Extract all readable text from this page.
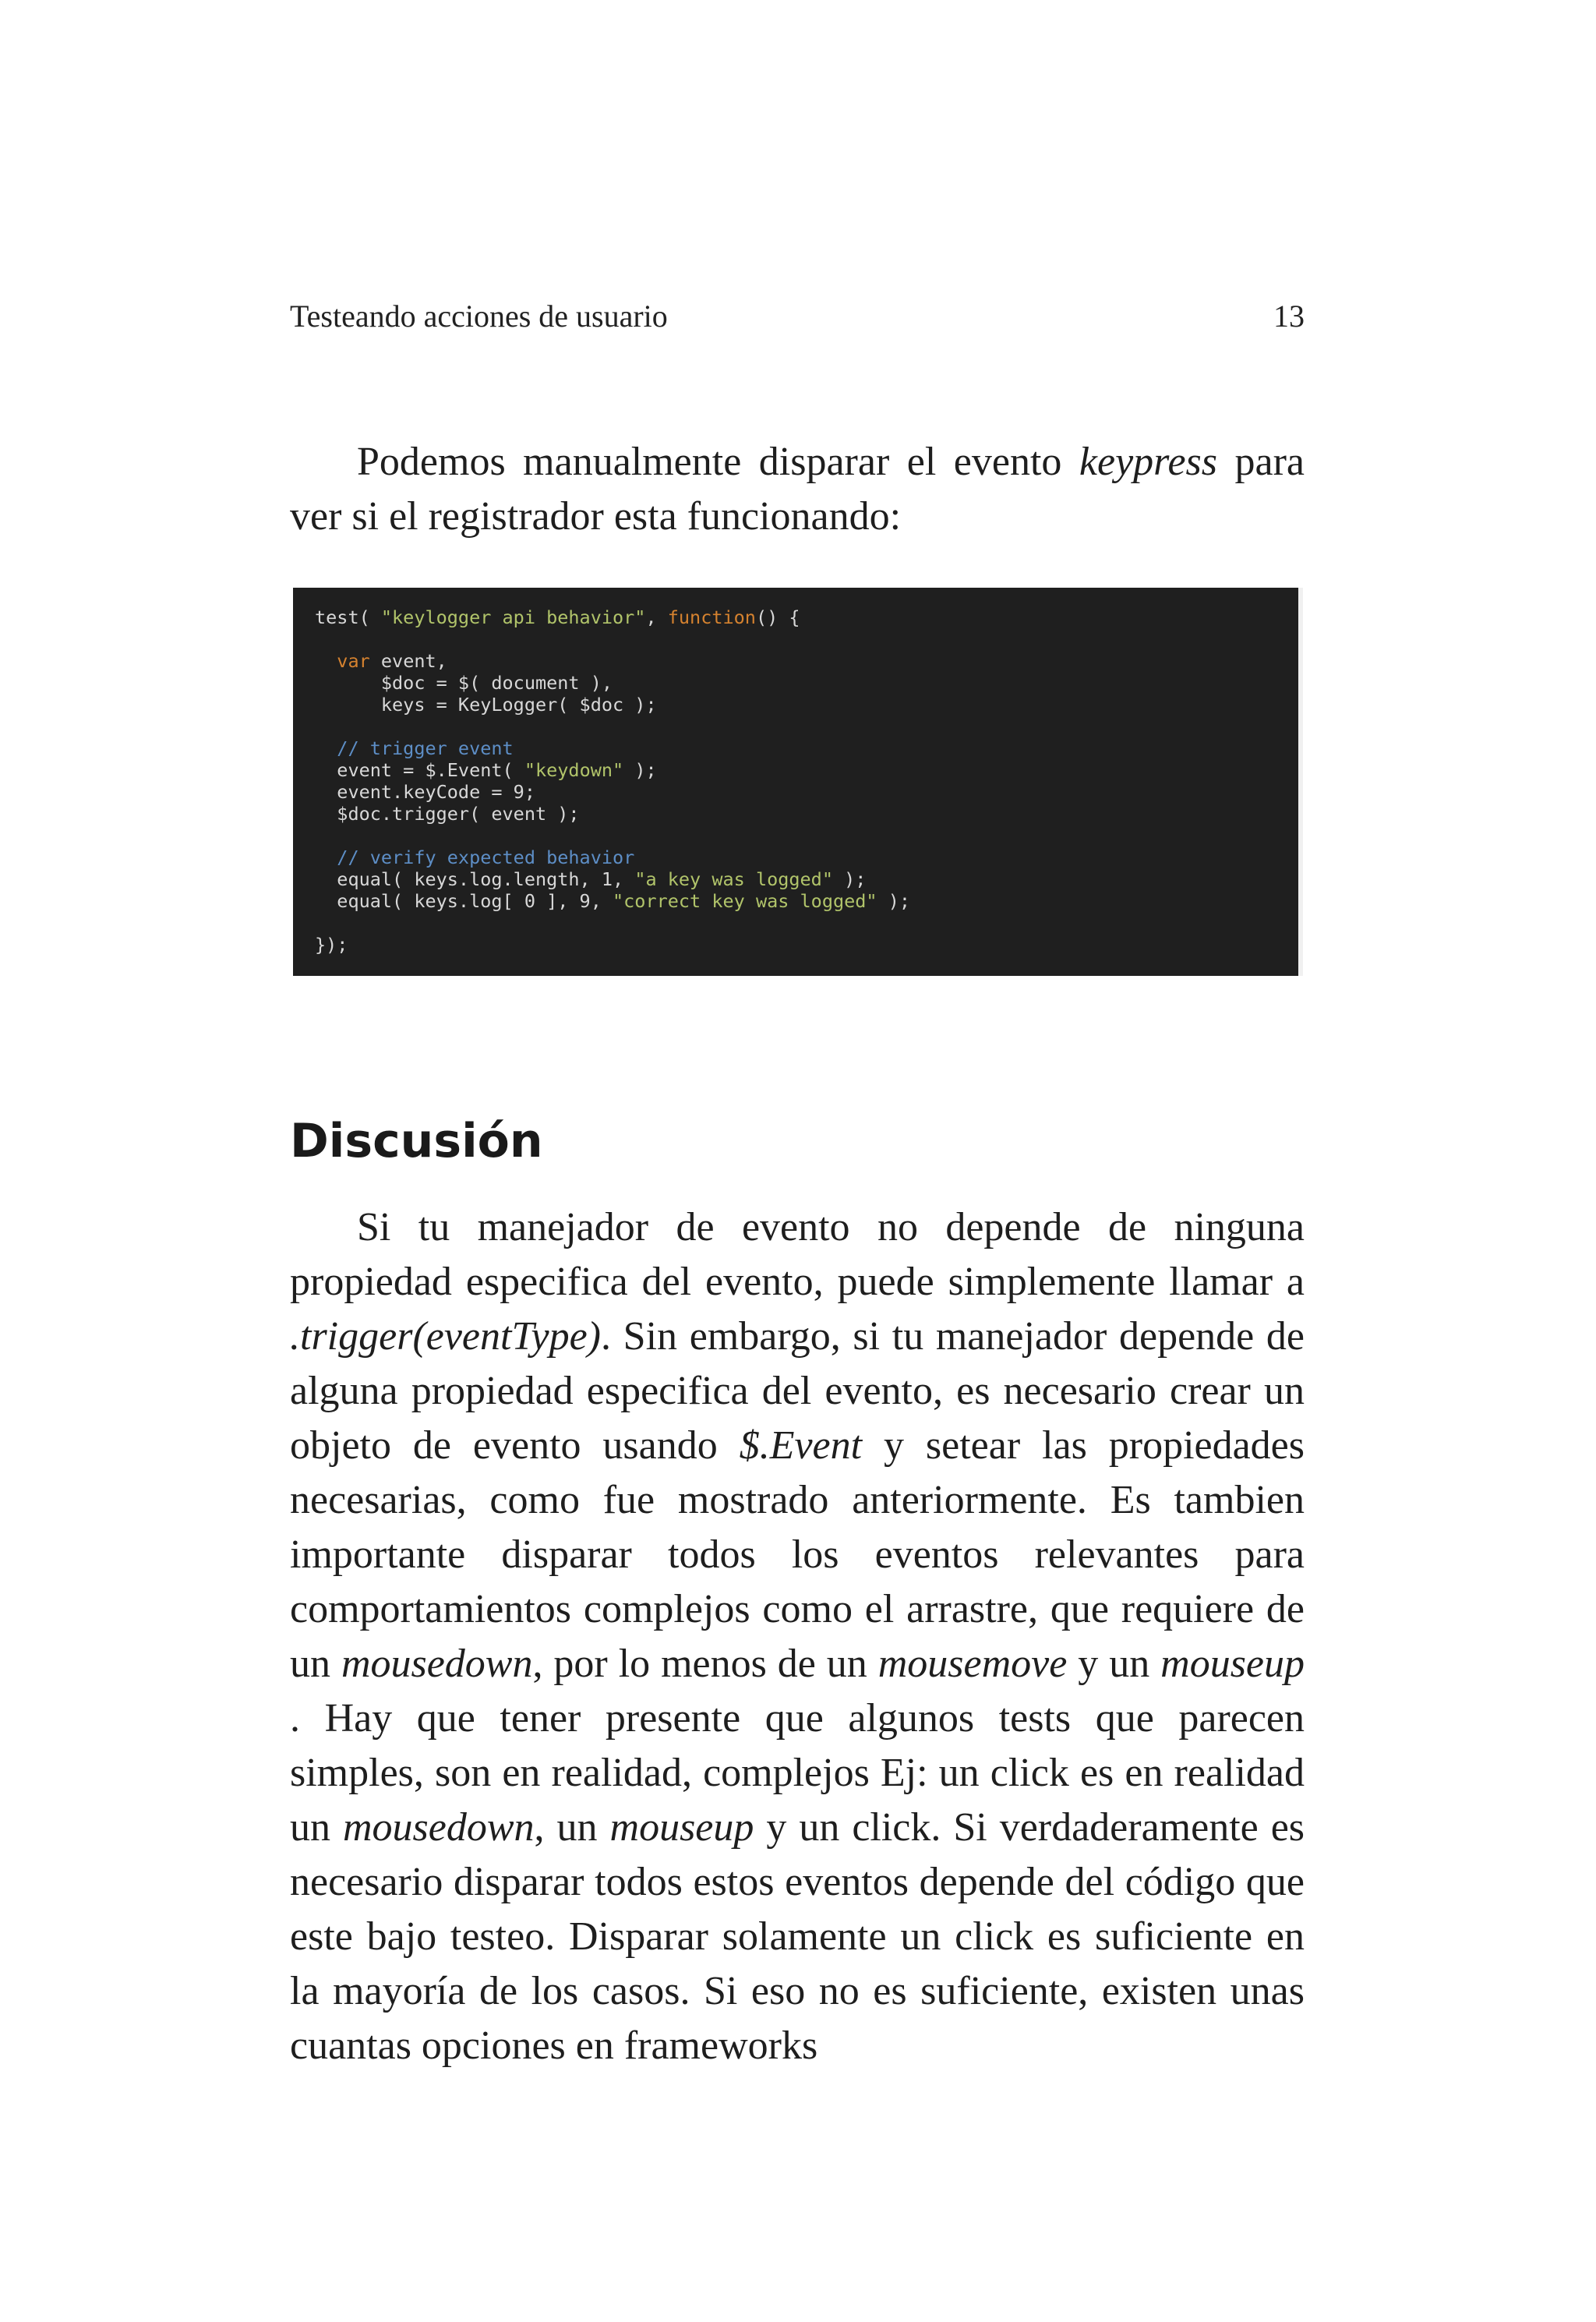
Testeando acciones de usuario	13

Podemos manualmente disparar el evento keypress para ver si el registrador esta funcionando:

test( "keylogger api behavior", function() {
var event,
$doc = $( document ),
keys = KeyLogger( $doc );
// trigger event
event = $.Event( "keydown" );
event.keyCode = 9;
$doc.trigger( event );
// verify expected behavior
equal( keys.log.length, 1, "a key was logged" );
equal( keys.log[ 0 ], 9, "correct key was logged" );
});
Discusión

Si tu manejador de evento no depende de ninguna propiedad especifica del evento, puede simplemente llamar a .trigger(eventType). Sin embargo, si tu manejador depende de alguna propiedad especifica del evento, es necesario crear un objeto de evento usando $.Event y setear las propiedades necesarias, como fue mostrado anteriormente. Es tambien importante disparar todos los eventos relevantes para comportamientos complejos como el arrastre, que requiere de un mousedown, por lo menos de un mousemove y un mouseup . Hay que tener presente que algunos tests que parecen simples, son en realidad, complejos Ej: un click es en realidad un mousedown, un mouseup y un click. Si verdaderamente es necesario disparar todos estos eventos depende del código que este bajo testeo. Disparar solamente un click es suficiente en la mayoría de los casos. Si eso no es suficiente, existen unas cuantas opciones en frameworks
